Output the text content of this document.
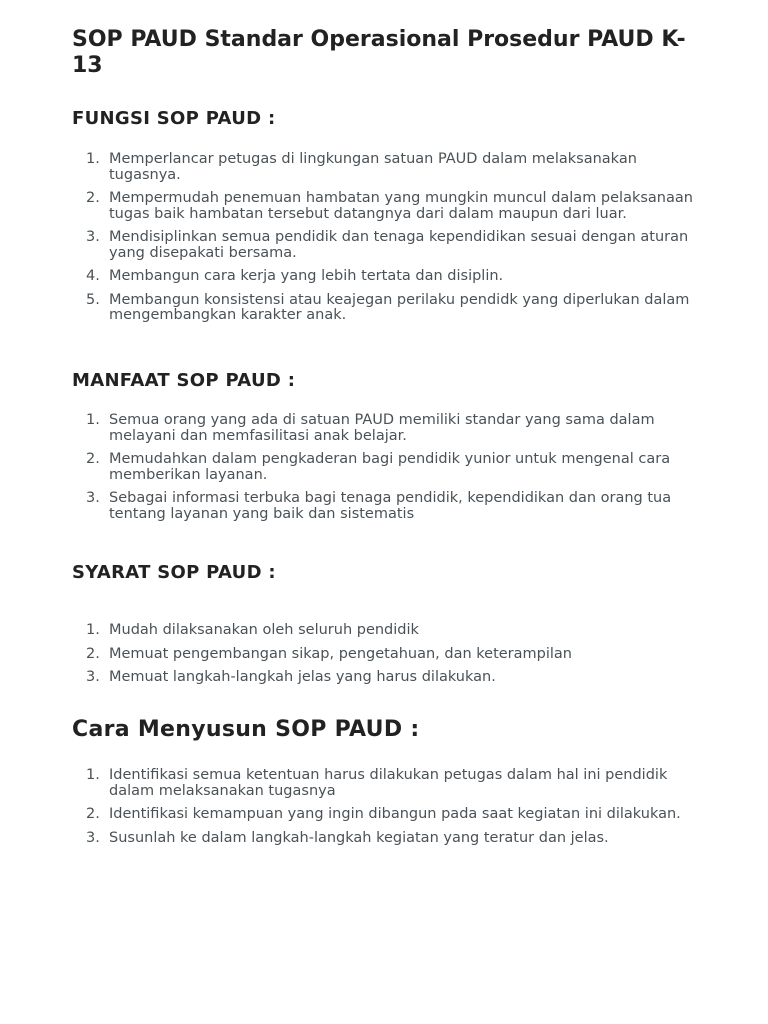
SOP PAUD Standar Operasional Prosedur PAUD K-13
FUNGSI SOP PAUD :
1. Memperlancar petugas di lingkungan satuan PAUD dalam melaksanakan tugasnya.
2. Mempermudah penemuan hambatan yang mungkin muncul dalam pelaksanaan tugas baik hambatan tersebut datangnya dari dalam maupun dari luar.
3. Mendisiplinkan semua pendidik dan tenaga kependidikan sesuai dengan aturan yang disepakati bersama.
4. Membangun cara kerja yang lebih tertata dan disiplin.
5. Membangun konsistensi atau keajegan perilaku pendidk yang diperlukan dalam mengembangkan karakter anak.
MANFAAT SOP PAUD :
1. Semua orang yang ada di satuan PAUD memiliki standar yang sama dalam melayani dan memfasilitasi anak belajar.
2. Memudahkan dalam pengkaderan bagi pendidik yunior untuk mengenal cara memberikan layanan.
3. Sebagai informasi terbuka bagi tenaga pendidik, kependidikan dan orang tua tentang layanan yang baik dan sistematis
SYARAT SOP PAUD :
1. Mudah dilaksanakan oleh seluruh pendidik
2. Memuat pengembangan sikap, pengetahuan, dan keterampilan
3. Memuat langkah-langkah jelas yang harus dilakukan.
Cara Menyusun SOP PAUD :
1. Identifikasi semua ketentuan harus dilakukan petugas dalam hal ini pendidik dalam melaksanakan tugasnya
2. Identifikasi kemampuan yang ingin dibangun pada saat kegiatan ini dilakukan.
3. Susunlah ke dalam langkah-langkah kegiatan yang teratur dan jelas.
